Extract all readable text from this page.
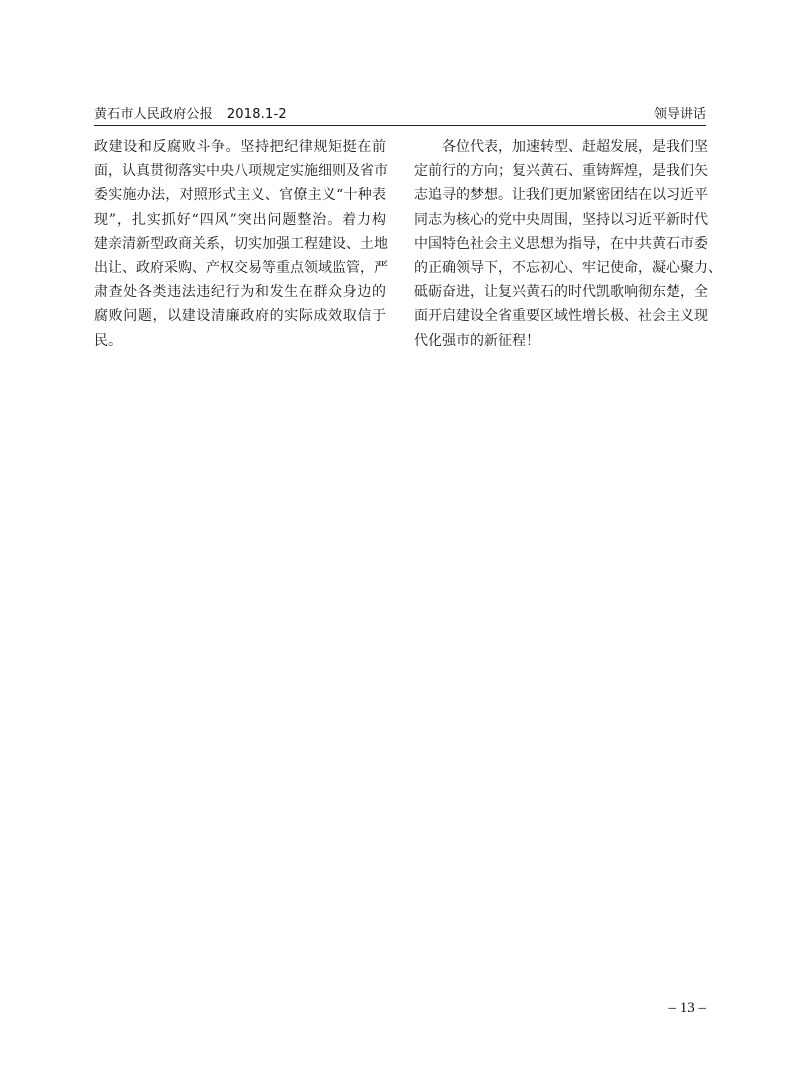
黄石市人民政府公报 2018.1-2	领导讲话
政建设和反腐败斗争。坚持把纪律规矩挺在前
面，认真贯彻落实中央八项规定实施细则及省市
委实施办法，对照形式主义、官僚主义“十种表
现”，扎实抓好“四风”突出问题整治。着力构
建亲清新型政商关系，切实加强工程建设、土地
出让、政府采购、产权交易等重点领域监管，严
肃查处各类违法违纪行为和发生在群众身边的
腐败问题，以建设清廉政府的实际成效取信于
民。
　　各位代表，加速转型、赶超发展，是我们坚
定前行的方向；复兴黄石、重铸辉煌，是我们矢
志追寻的梦想。让我们更加紧密团结在以习近平
同志为核心的党中央周围，坚持以习近平新时代
中国特色社会主义思想为指导，在中共黄石市委
的正确领导下，不忘初心、牢记使命，凝心聚力、
砥砺奋进，让复兴黄石的时代凯歌响彻东楚，全
面开启建设全省重要区域性增长极、社会主义现
代化强市的新征程！
– 13 –
